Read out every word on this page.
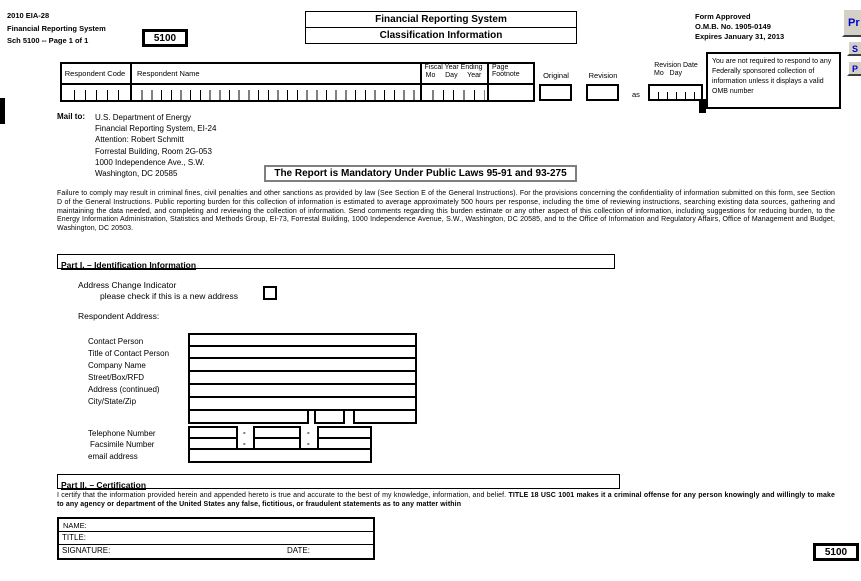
2010 EIA-28
Financial Reporting System
Sch 5100 -- Page 1 of 1	5100
Financial Reporting System
Classification Information
Form Approved
O.M.B. No. 1905-0149
Expires January 31, 2013
You are not required to respond to any Federally sponsored collection of information unless it displays a valid OMB number
Pr
S
P
Respondent Code	Respondent Name
Fiscal Year Ending
Mo     Day     Year
Page
Footnote	Original	Revision
as
Revision Date
Mo   Day
Mail to: U.S. Department of Energy
Financial Reporting System, EI-24
Attention: Robert Schmitt
Forrestal Building, Room 2G-053
1000 Independence Ave., S.W.
Washington, DC 20585	The Report is Mandatory Under Public Laws 95-91 and 93-275
Failure to comply may result in criminal fines, civil penalties and other sanctions as provided by law (See Section E of the General Instructions). For the provisions concerning the confidentiality of information submitted on this form, see Section D of the General Instructions. Public reporting burden for this collection of information is estimated to average approximately 500 hours per response, including the time of reviewing instructions, searching existing data sources, gathering and maintaining the data needed, and completing and reviewing the collection of information. Send comments regarding this burden estimate or any other aspect of this collection of information, including suggestions for reducing burden, to the Energy Information Administration, Statistics and Methods Group, EI-73, Forrestal Building, 1000 Independence Avenue, S.W., Washington, DC 20585, and to the Office of Information and Regulatory Affairs, Office of Management and Budget, Washington, DC 20503.
Part I. – Identification Information
Address Change Indicator
please check if this is a new address
Respondent Address:
Contact Person
Title of Contact Person
Company Name
Street/Box/RFD
Address (continued)
City/State/Zip
Telephone Number
Facsimile Number
email address
-	-
-	-
Part II. – Certification
I certify that the information provided herein and appended hereto is true and accurate to the best of my knowledge, information, and belief. TITLE 18 USC 1001 makes it a criminal offense for any person knowingly and willingly to make to any agency or department of the United States any false, fictitious, or fraudulent statements as to any matter within
NAME:
TITLE:
SIGNATURE:	DATE:	5100
